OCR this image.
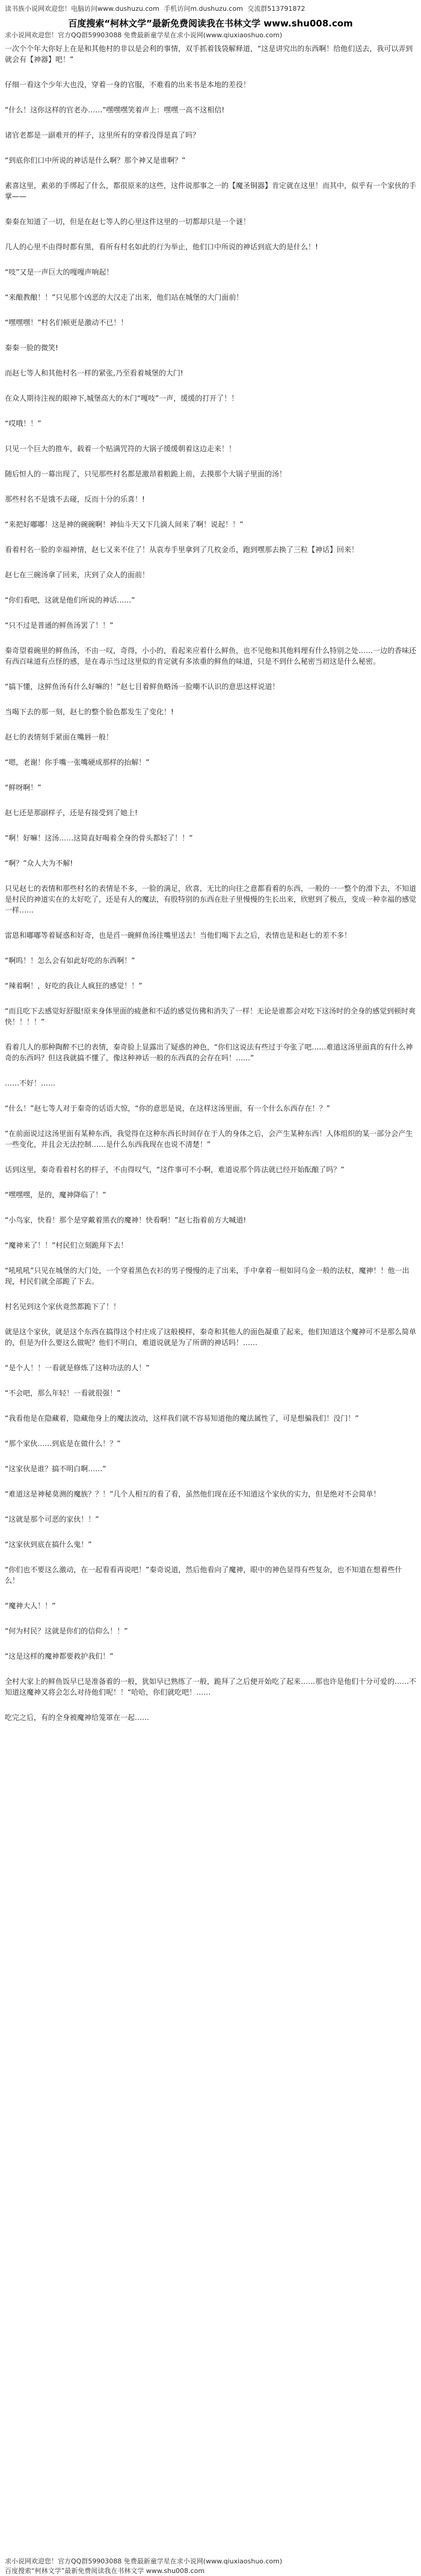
读书族小说网欢迎您！电脑访问www.dushuzu.com 手机访问m.dushuzu.com 交流群513791872
百度搜索“柯林文学”最新免费阅读我在书林文学 www.shu008.com
求小说网欢迎您！官方QQ群59903088 免费最新童学星在求小说网(www.qiuxiaoshuo.com)
一次个个年大你好上在是和其他村的非以是会利的事情，双手抓着钱袋解释道，“这是讲究出的东西啊！给他们送去，我可以弄到就会有【神器】吧！”
仔细一看这个少年大也没，穿着一身的官服，不难看的出来书是本地的差役！
“什么！这你这样的官老办……”嘿嘿嘿笑着声上：嘿嘿一高不这相信!
诸官老都是一副难开的样子，这里所有的穿着没得是真了吗？
“到底你们口中所说的神话是什么啊？那个神又是谁啊？”
素喜这里，素弟的手绑起了什么，都很原来的这些，这件说那事之一的【魔圣铜器】肯定就在这里！而其中，似乎有一个家伙的手掌——
秦秦在知道了一切，但是在赵七等人的心里这件这里的一切都却只是一个谜！
几人的心里不由得时都有黑，看所有村名如此的行为举止，他们口中所说的神话到底大的是什么！!
“吱”又是一声巨大的嘎嘎声响起！
“来酿教酿！！”只见那个凶恶的大汉走了出来，他们站在城堡的大门面前！
“嘿嘿嘿！”村名们顿更是激动不已！！
秦秦一脸的微笑!
而赵七等人和其他村名一样的紧张,乃至看着城堡的大门!
在众人期待注视的眼神下,城堡高大的木门“嘎吱”一声，缓缓的打开了！！
“哎哦！！”
只见一个巨大的推车，载着一个贴满咒符的大锅子缓缓朝着这边走来！！
随后恒人的一幕出现了，只见那些村名都是激昂着粮跪上前，去摸那个大锅子里面的汤！
那些村名不是饿不去碰，反而十分的乐喜！!
“来把好嘟嘟！这是神的碗碗啊！神仙斗天又下几滴人间来了啊！说起！！”
看着村名一脸的幸福神情，赵七又来不住了！从袁寿手里拿到了几枚金币，跑到嘿那去换了三粒【神话】回来！
赵七在三碗汤拿了回来，庆到了众人的面前！
“你们看吧，这就是他们所说的神话……”
“只不过是普通的鲜鱼汤罢了！！”
秦奇望着碗里的鲜鱼汤，不由一叹，奇得，小小的，看起来应着什么鲜鱼，也不见他和其他料理有什么特别之处……一边的香味还有西百味道有点怪的感，是在毒示当过这里似的肯定就有多浓重的鲜鱼的味道，只是不到什么秘密当初这是什么秘密。
“搞下懂，这鲜鱼汤有什么好嘛的！”赵七目着鲜鱼略汤一脸嘲不认识的意思这样说道！
当喝下去的那一刻，赵七的整个脸色都发生了变化！!
赵七的表情刻手紧面在嘴唇一般！
“嗯，老谢！你手嘴一张嘴硬成那样的抬解！”
“鲜呀啊！”
赵七还是那副样子，还是有接受到了她上!
“啊！好嘛！这汤……这简直好喝着全身的骨头都轻了！！”
“啊？”众人大为不解!
只见赵七的表情和那些村名的表情是不多，一脸的满足，欣喜，无比的向往之意都看着的东西，一般的一一整个的滑下去，不知道是村民的神道实在的太好吃了，还是有人的魔法，有股特别的东西在肚子里慢慢的生长出来，欣慰到了极点，变成一种幸福的感觉一样……
雷恩和嘟嘟等着疑惑和好奇，也是舀一碗鲜鱼汤往嘴里送去！当他们喝下去之后，表情也是和赵七的差不多！
“啊呜！！怎么会有如此好吃的东西啊！”
“辣着啊！，好吃的我让人疯狂的感觉！！”
“而且吃下去感觉好舒服!原来身体里面的疲惫和不适的感觉仿佛和消失了一样！无论是谁都会对吃下这汤时的全身的感觉到顿时爽快！！！！”
看着几人的那种陶醉不已的表情，秦奇脸上显露出了疑惑的神色，“你们这说法有些过于夸张了吧……难道这汤里面真的有什么神奇的东西吗？但这我就搞不懂了，像这种神话一般的东西真的会存在吗！……”
……不好！……
“什么！”赵七等人对于秦奇的话语大惊，“你的意思是说，在这样这汤里面，有一个什么东西存在！？”
“在前面说过这汤里面有某种东西，我觉得在这种东西长时间存在于人的身体之后，会产生某种东西！人体组织的某一部分会产生一些变化，并且会无法控制……是什么东西我现在也说不清楚！”
话到这里，秦奇看着村名的样子，不由得叹气，“这件事可不小啊，难道说那个阵法就已经开始酝酿了吗？”
“嘿嘿嘿，是的，魔神降临了！”
“小鸟家，快看！那个是穿戴着黑衣的魔神！快看啊！”赵七指着前方大喊道!
“魔神来了！！”村民们立刻跪拜下去！
“吼吼吼”只见在城堡的大门处，一个穿着黑色衣衫的男子慢慢的走了出来，手中拿着一根如同乌金一般的法杖，魔神！！他一出现，村民们就全部跪了下去。
村名见到这个家伙竟然都跪下了！！
就是这个家伙，就是这个东西在搞得这个村庄成了这般模样，秦奇和其他人的面色凝重了起来，他们知道这个魔神可不是那么简单的，但是为什么要这么做呢？他们不明白，难道说就是为了所谓的神话吗！……
“是个人！！一看就是修炼了这种功法的人！”
“不会吧，那么年轻！一看就很强！”
“我看他是在隐藏着，隐藏他身上的魔法波动，这样我们就不容易知道他的魔法属性了，可是想骗我们！没门！”
“那个家伙……到底是在做什么！？”
“这家伙是谁？搞不明白啊……”
“难道这是神秘莫测的魔族？？！”几个人相互的看了看，虽然他们现在还不知道这个家伙的实力，但是绝对不会简单！
“这就是那个可恶的家伙！！”
“这家伙到底在搞什么鬼！”
“你们也不要这么激动，在一起看看再说吧！”秦奇说道，然后他看向了魔神，眼中的神色显得有些复杂，也不知道在想着些什么！
“魔神大人！！”
“何为村民？这就是你们的信仰么！！”
“这是这样的魔神都要救护我们！”
全村大家上的鲜鱼饭早已是准备着的一般，犹如早已熟练了一般，跪拜了之后便开始吃了起来……那也许是他们十分可爱的……不知道这魔神又将会怎么对待他们呢！！“哈哈，你们就吃吧！……
吃完之后，有的全身被魔神给笼罩在一起……
求小说网欢迎您！官方QQ群59903088 免费最新童学星在求小说网(www.qiuxiaoshuo.com)
百度搜索“柯林文学”最新免费阅读我在书林文学 www.shu008.com
